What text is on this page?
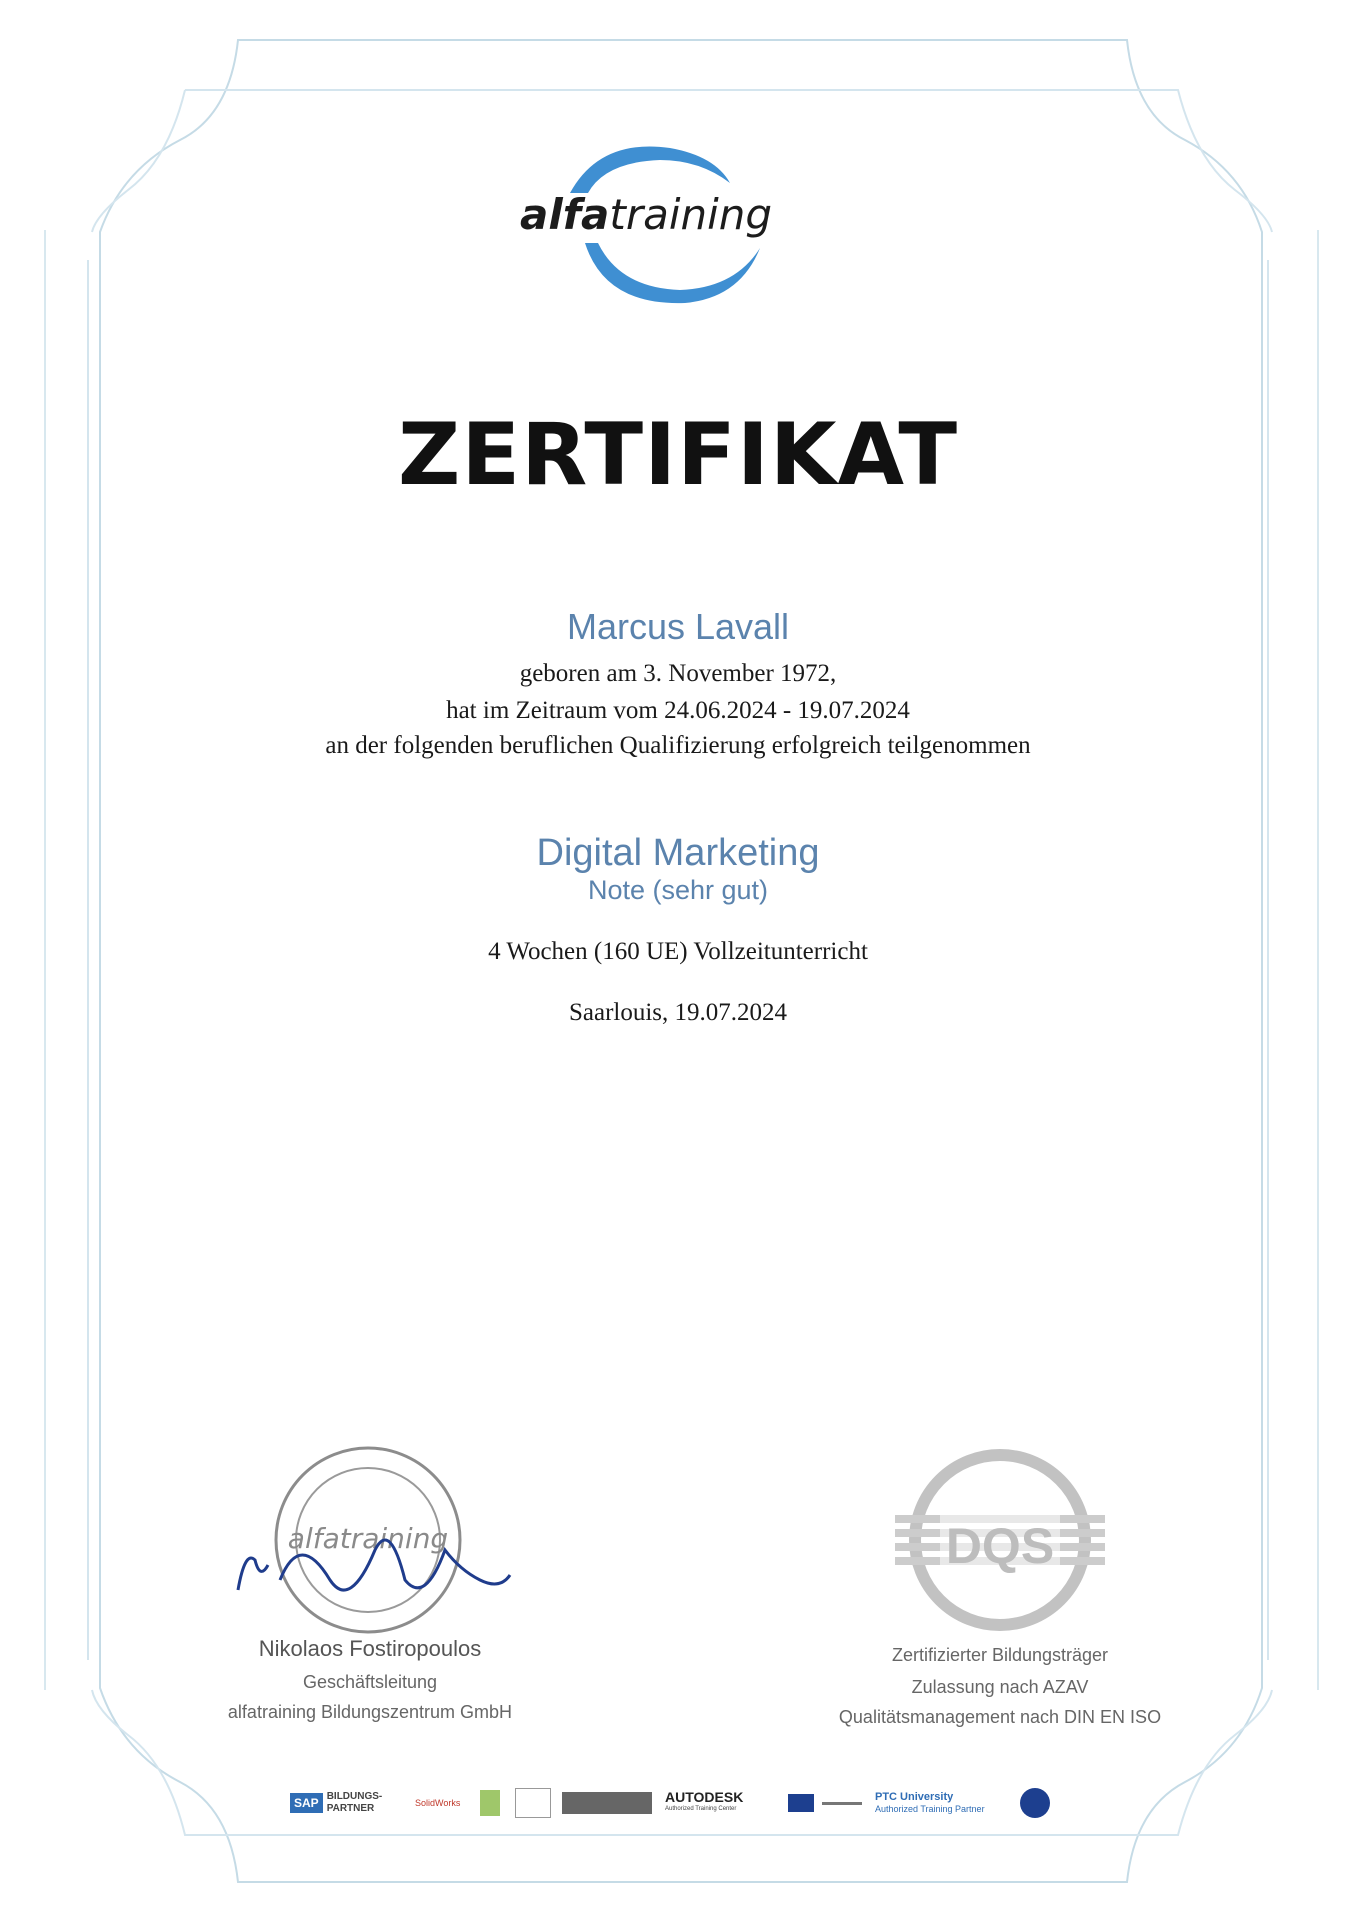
alfatraining
ZERTIFIKAT
Marcus Lavall
geboren am 3. November 1972,
hat im Zeitraum vom 24.06.2024 - 19.07.2024
an der folgenden beruflichen Qualifizierung erfolgreich teilgenommen
Digital Marketing
Note (sehr gut)
4 Wochen (160 UE) Vollzeitunterricht
Saarlouis, 19.07.2024
alfatraining
Nikolaos Fostiropoulos
Geschäftsleitung
alfatraining Bildungszentrum GmbH
DQS
Zertifizierter Bildungsträger
Zulassung nach AZAV
Qualitätsmanagement nach DIN EN ISO
SAP BILDUNGS-
PARTNER	SolidWorks	AUTODESK
Authorized Training Center
PTC University
Authorized Training Partner
